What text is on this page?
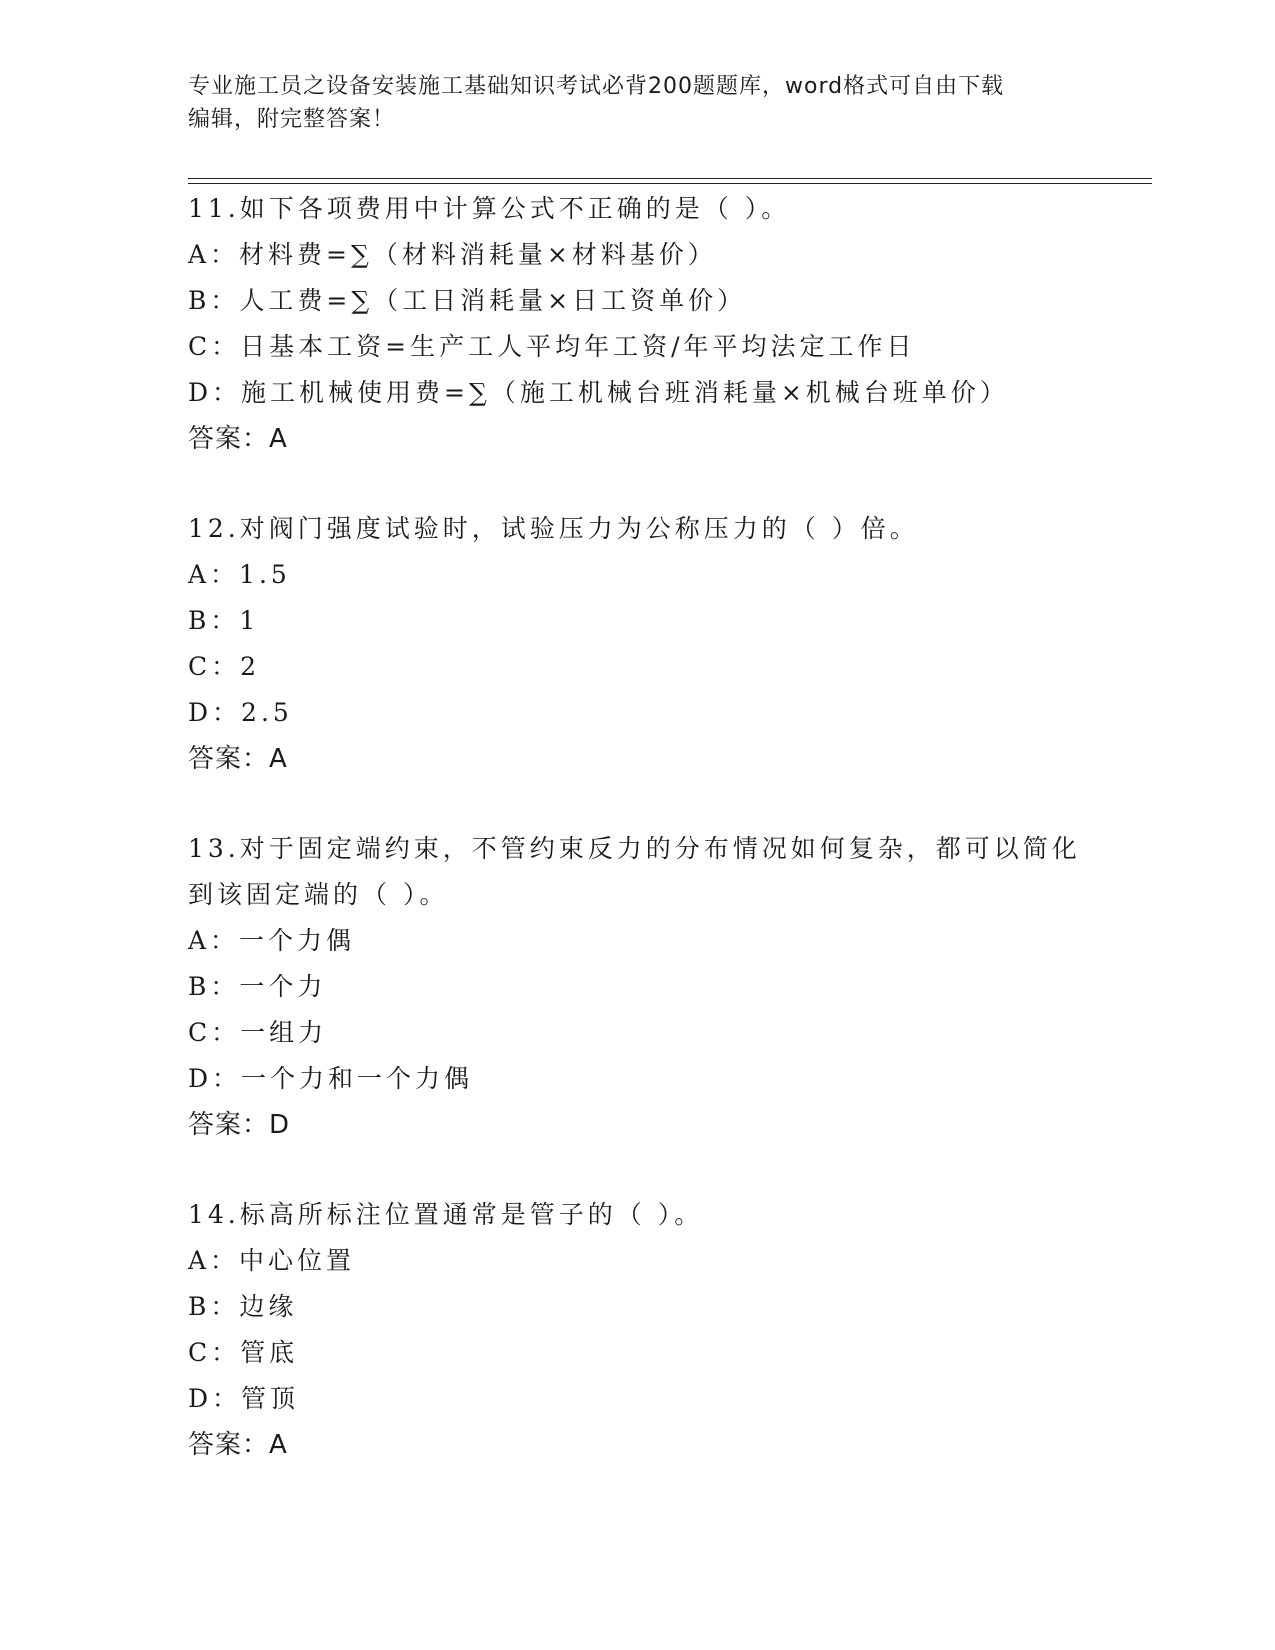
专业施工员之设备安装施工基础知识考试必背200题题库，word格式可自由下载
编辑，附完整答案！
11.如下各项费用中计算公式不正确的是（ ）。
A：材料费=∑（材料消耗量×材料基价）
B：人工费=∑（工日消耗量×日工资单价）
C：日基本工资=生产工人平均年工资/年平均法定工作日
D：施工机械使用费=∑（施工机械台班消耗量×机械台班单价）
答案：A
12.对阀门强度试验时，试验压力为公称压力的（ ）倍。
A：1.5
B：1
C：2
D：2.5
答案：A
13.对于固定端约束，不管约束反力的分布情况如何复杂，都可以简化
到该固定端的（ ）。
A：一个力偶
B：一个力
C：一组力
D：一个力和一个力偶
答案：D
14.标高所标注位置通常是管子的（ ）。
A：中心位置
B：边缘
C：管底
D：管顶
答案：A
